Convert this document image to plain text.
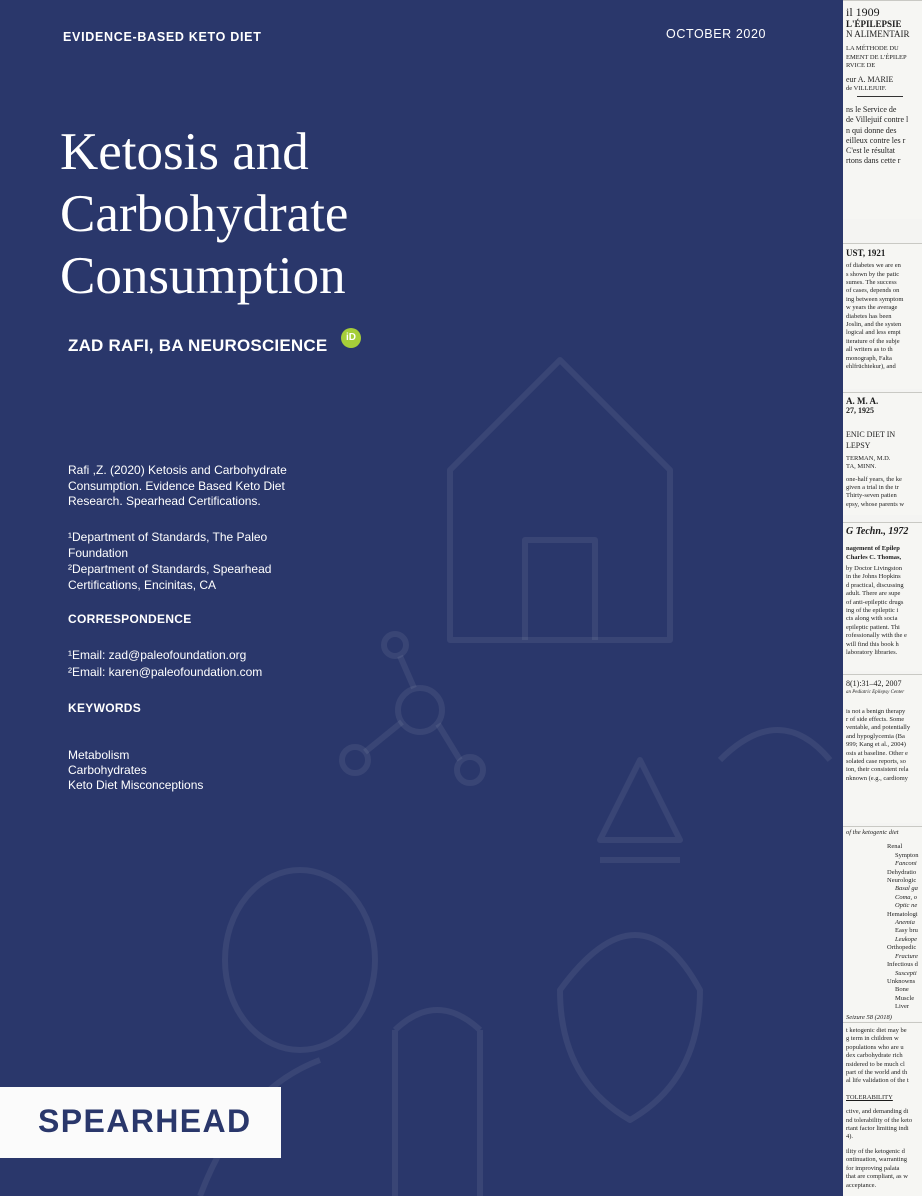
il 1909
L'ÉPILEPSIE
N ALIMENTAIR
LA MÉTHODE DU
EMENT DE L'ÉPILEP
RVICE DE
eur A. MARIE
de VILLEJUIF.
ns le Service de
de Villejuif contre l
n qui donne des
eilleux contre les r
C'est le résultat
rtons dans cette r
UST, 1921
of diabetes we are en
s shown by the patic
sumes. The success
of cases, depends on
ing between symptom
w years the average
diabetes has been
Joslin, and the systen
logical and less empi
iterature of the subje
all writers as to th
monograph, Falta
ehlfrüchtekur), and
A. M. A.
27, 1925
ENIC DIET IN
LEPSY
TERMAN, M.D.
TA, MINN.
one-half years, the ke
given a trial in the tr
Thirty-seven patien
epsy, whose parents w
G Techn., 1972
nagement of Epilep
Charles C. Thomas,
by Doctor Livingston
in the Johns Hopkins
d practical, discussing
adult. There are supe
of anti-epileptic drugs
ing of the epileptic i
cts along with socia
epileptic patient. Thi
rofessionally with the e
will find this book h
laboratory libraries.
8(1):31–42, 2007
an Pediatric Epilepsy Center
is not a benign therapy
r of side effects. Some
ventable, and potentially
and hypoglycemia (Ba
999; Kang et al., 2004)
osis at baseline. Other e
solated case reports, so
ion, their consistent rela
nknown (e.g., cardiomy
of the ketogenic diet
Renal
Sympton
Fanconi
Dehydratio
Neurologic
Basal ga
Coma, o
Optic ne
Hematologi
Anemia
Easy bru
Leukope
Orthopedic
Fracture
Infectious d
Suscepti
Unknowns
Bone
Muscle
Liver
Seizure 58 (2018)
t ketogenic diet may be
g term in children w
populations who are u
dex carbohydrate rich
nsidered to be much cl
part of the world and th
al life validation of the t
TOLERABILITY
ctive, and demanding di
nd tolerability of the keto
rtant factor limiting indi
4).
ility of the ketogenic d
ontinuation, warranting
for improving palata
that are compliant, as w
acceptance.
EVIDENCE-BASED KETO DIET	OCTOBER 2020
Ketosis and Carbohydrate Consumption
ZAD RAFI, BA NEUROSCIENCE	iD
Rafi ,Z. (2020) Ketosis and Carbohydrate Consumption. Evidence Based Keto Diet Research. Spearhead Certifications.
¹Department of Standards, The Paleo Foundation
²Department of Standards, Spearhead Certifications, Encinitas, CA
CORRESPONDENCE
¹Email: zad@paleofoundation.org
²Email: karen@paleofoundation.com
KEYWORDS
Metabolism
Carbohydrates
Keto Diet Misconceptions
SPEARHEAD
